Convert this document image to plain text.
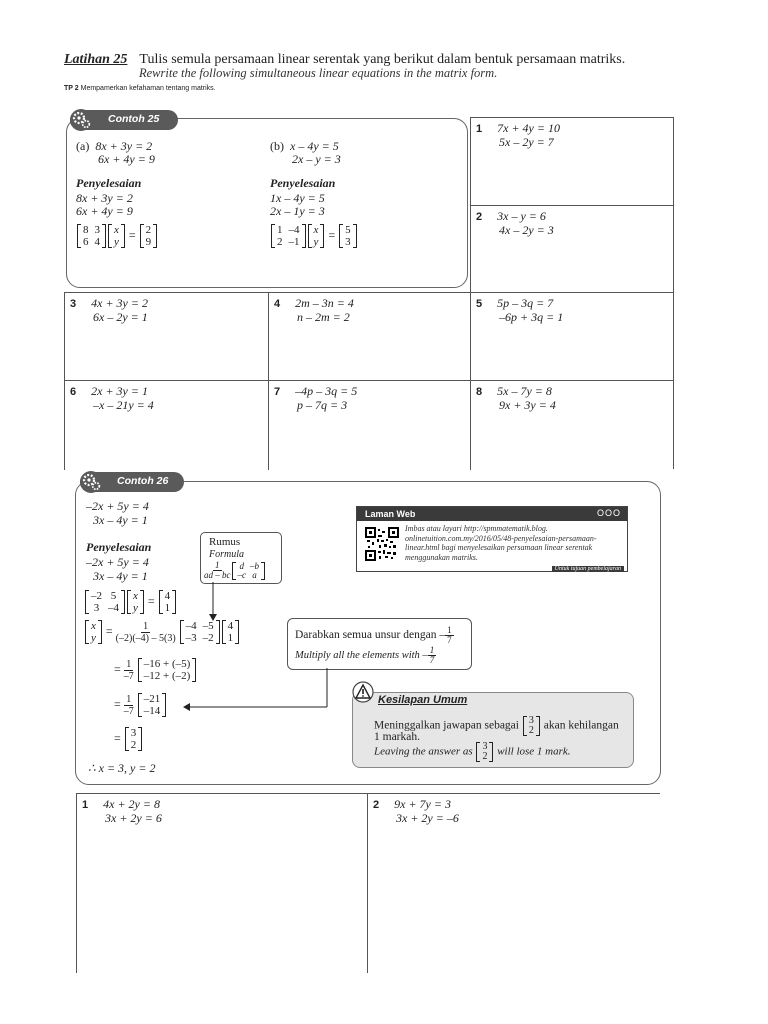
Latihan 25 Tulis semula persamaan linear serentak yang berikut dalam bentuk persamaan matriks.
Rewrite the following simultaneous linear equations in the matrix form.
TP 2 Mempamerkan kefahaman tentang matriks.
Contoh 25
(a) 8x + 3y = 2
6x + 4y = 9
Penyelesaian
8x + 3y = 2
6x + 4y = 9
8 3
6 4
x
y
= 2
9
(b) x – 4y = 5
2x – y = 3
Penyelesaian
1x – 4y = 5
2x – 1y = 3
1 –4
2 –1
x
y
= 5
3
1 7x + 4y = 10
5x – 2y = 7
2 3x – y = 6
4x – 2y = 3
3 4x + 3y = 2
6x – 2y = 1
4 2m – 3n = 4
n – 2m = 2
5 5p – 3q = 7
–6p + 3q = 1
6 2x + 3y = 1
–x – 21y = 4
7 –4p – 3q = 5
p – 7q = 3
8 5x – 7y = 8
9x + 3y = 4
Contoh 26
–2x + 5y = 4
3x – 4y = 1
Penyelesaian
–2x + 5y = 4
3x – 4y = 1
–2 5
3 –4
x
y
= 4
1
x
y
= $\frac{1}{(-2)(-4) - 5(3)}$
–4 –5
–3 –2
4
1
= $\frac{1}{-7}$
–16 + (–5)
–12 + (–2)
= $\frac{1}{-7}$
–21
–14
= 3
2
∴ x = 3, y = 2
Rumus
Formula
$\frac{1}{ad - bc}$ d –b
–c a
Darabkan semua unsur dengan – $\frac{1}{7}$
Multiply all the elements with – $\frac{1}{7}$
Laman Web	OOO
Imbas atau layari http://spmmatematik.blog. onlinetuition.com.my/2016/05/48-penyelesaian-persamaan-linear.html bagi menyelesaikan persamaan linear serentak menggunakan matriks.
Untuk tujuan pembelajaran
Kesilapan Umum
Meninggalkan jawapan sebagai 3
2 akan kehilangan
1 markah.
Leaving the answer as 3
2 will lose 1 mark.
1 4x + 2y = 8
3x + 2y = 6
2 9x + 7y = 3
3x + 2y = –6
